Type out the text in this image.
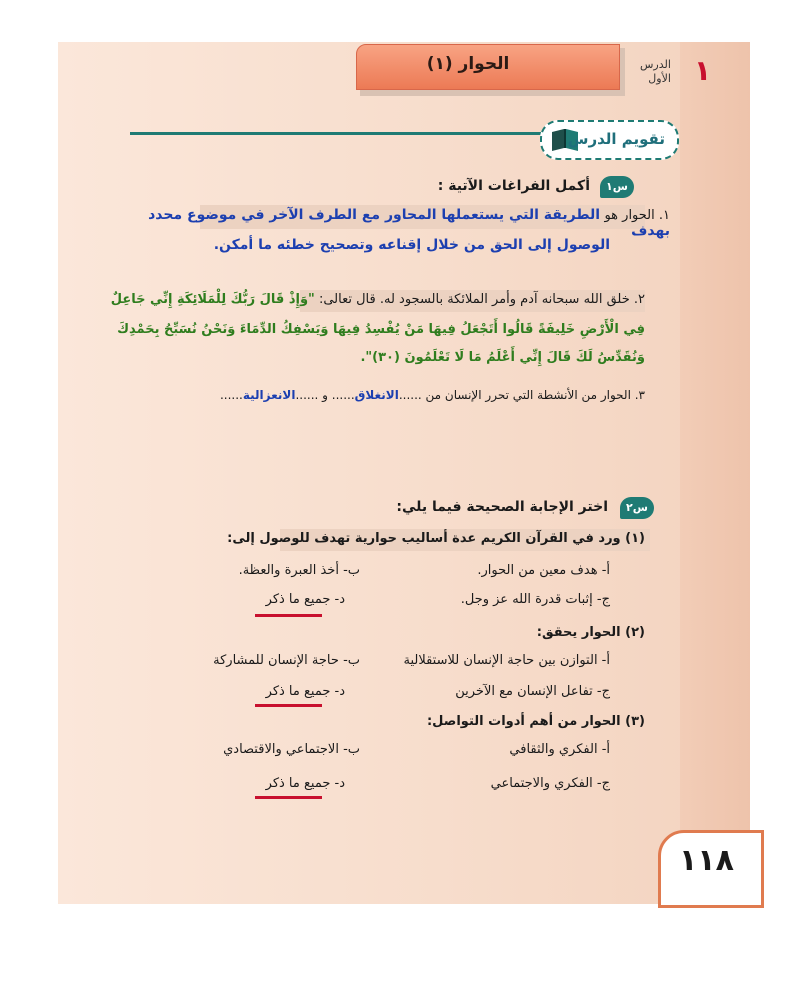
الحوار (١)	١
الدرس
الأول
تقويم الدرس
س١
أكمل الفراغات الآتية :
١. الحوار هو الطريقة التي يستعملها المحاور مع الطرف الآخر في موضوع محدد بهدف
الوصول إلى الحق من خلال إقناعه وتصحيح خطئه ما أمكن.
٢. خلق الله سبحانه آدم وأمر الملائكة بالسجود له. قال تعالى: "وَإِذْ قَالَ رَبُّكَ لِلْمَلَائِكَةِ إِنِّي جَاعِلٌ
فِي الْأَرْضِ خَلِيفَةً قَالُوا أَتَجْعَلُ فِيهَا مَنْ يُفْسِدُ فِيهَا وَيَسْفِكُ الدِّمَاءَ وَنَحْنُ نُسَبِّحُ بِحَمْدِكَ
وَنُقَدِّسُ لَكَ قَالَ إِنِّي أَعْلَمُ مَا لَا تَعْلَمُونَ (٣٠)".
٣. الحوار من الأنشطة التي تحرر الإنسان من ......الانغلاق...... و ......الانعزالية......
س٢
اختر الإجابة الصحيحة فيما يلي:
(١) ورد في القرآن الكريم عدة أساليب حوارية تهدف للوصول إلى:
أ- هدف معين من الحوار.
ب- أخذ العبرة والعظة.
ج- إثبات قدرة الله عز وجل.
د- جميع ما ذكر
(٢) الحوار يحقق:
أ- التوازن بين حاجة الإنسان للاستقلالية
ب- حاجة الإنسان للمشاركة
ج- تفاعل الإنسان مع الآخرين
د- جميع ما ذكر
(٣) الحوار من أهم أدوات التواصل:
أ- الفكري والثقافي
ب- الاجتماعي والاقتصادي
ج- الفكري والاجتماعي
د- جميع ما ذكر
١١٨
